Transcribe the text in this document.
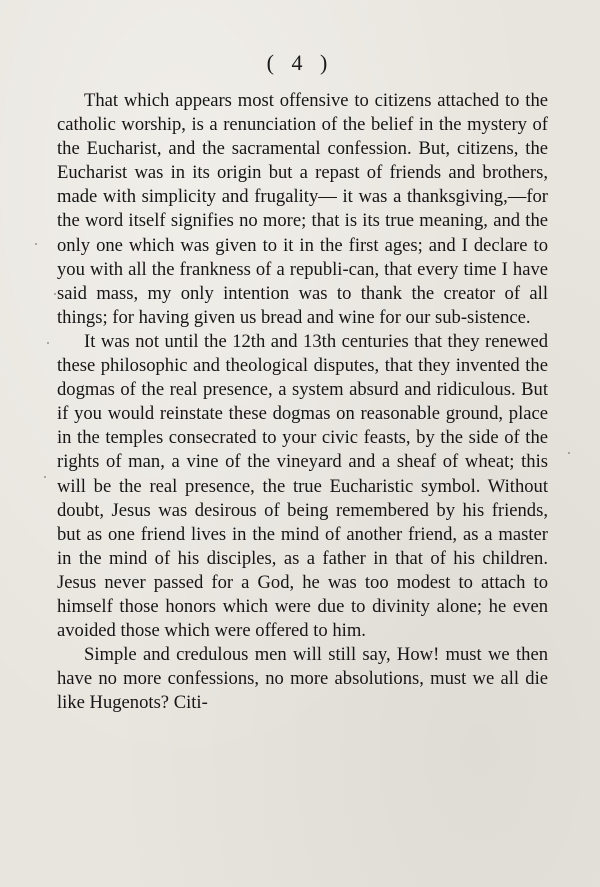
( 4 )

That which appears most offensive to citizens attached to the catholic worship, is a renunciation of the belief in the mystery of the Eucharist, and the sacramental confession. But, citizens, the Eucharist was in its origin but a repast of friends and brothers, made with simplicity and frugality— it was a thanksgiving,—for the word itself signifies no more; that is its true meaning, and the only one which was given to it in the first ages; and I declare to you with all the frankness of a republi-can, that every time I have said mass, my only intention was to thank the creator of all things; for having given us bread and wine for our sub-sistence.

It was not until the 12th and 13th centuries that they renewed these philosophic and theological disputes, that they invented the dogmas of the real presence, a system absurd and ridiculous. But if you would reinstate these dogmas on reasonable ground, place in the temples consecrated to your civic feasts, by the side of the rights of man, a vine of the vineyard and a sheaf of wheat; this will be the real presence, the true Eucharistic symbol. Without doubt, Jesus was desirous of being remembered by his friends, but as one friend lives in the mind of another friend, as a master in the mind of his disciples, as a father in that of his children. Jesus never passed for a God, he was too modest to attach to himself those honors which were due to divinity alone; he even avoided those which were offered to him.

Simple and credulous men will still say, How! must we then have no more confessions, no more absolutions, must we all die like Hugenots? Citi-
